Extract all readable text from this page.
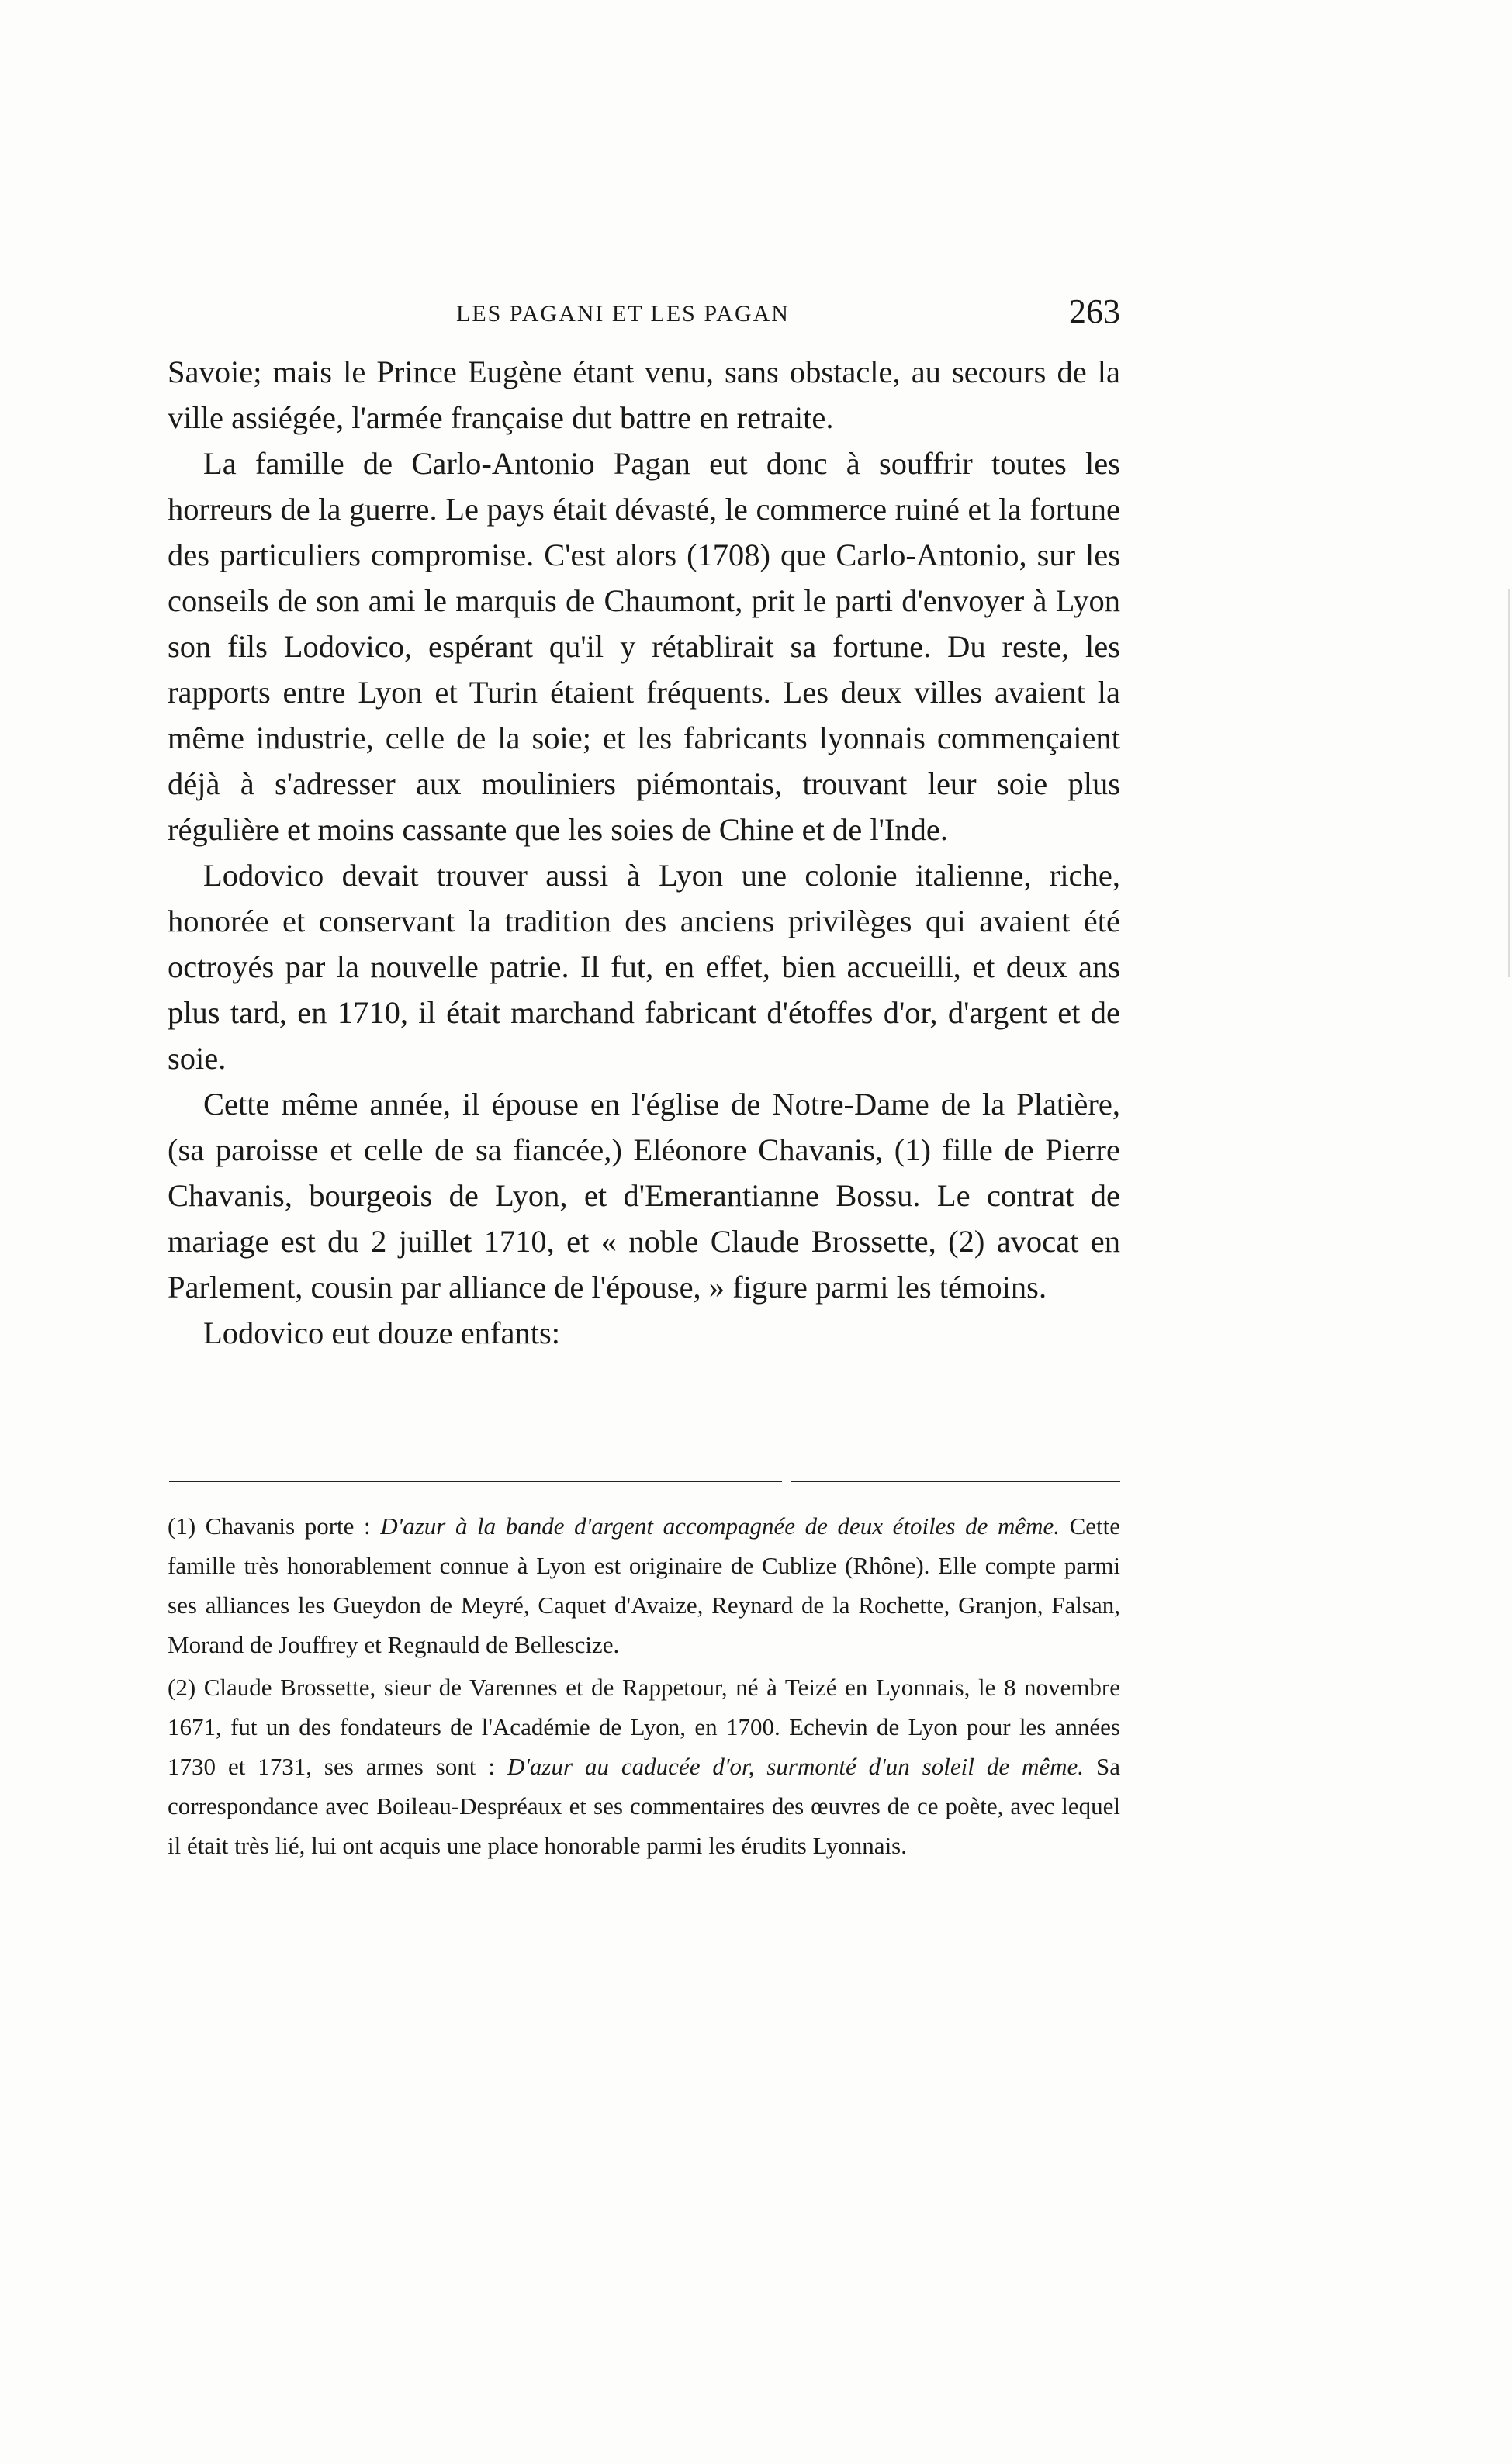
LES PAGANI ET LES PAGAN	263

Savoie; mais le Prince Eugène étant venu, sans obstacle, au secours de la ville assiégée, l'armée française dut battre en retraite.

La famille de Carlo-Antonio Pagan eut donc à souffrir toutes les horreurs de la guerre. Le pays était dévasté, le commerce ruiné et la fortune des particuliers compromise. C'est alors (1708) que Carlo-Antonio, sur les conseils de son ami le marquis de Chaumont, prit le parti d'envoyer à Lyon son fils Lodovico, espérant qu'il y rétablirait sa fortune. Du reste, les rapports entre Lyon et Turin étaient fréquents. Les deux villes avaient la même industrie, celle de la soie; et les fabricants lyonnais commençaient déjà à s'adresser aux mouliniers piémontais, trouvant leur soie plus régulière et moins cassante que les soies de Chine et de l'Inde.

Lodovico devait trouver aussi à Lyon une colonie italienne, riche, honorée et conservant la tradition des anciens privilèges qui avaient été octroyés par la nouvelle patrie. Il fut, en effet, bien accueilli, et deux ans plus tard, en 1710, il était marchand fabricant d'étoffes d'or, d'argent et de soie.

Cette même année, il épouse en l'église de Notre-Dame de la Platière, (sa paroisse et celle de sa fiancée,) Eléonore Chavanis, (1) fille de Pierre Chavanis, bourgeois de Lyon, et d'Emerantianne Bossu. Le contrat de mariage est du 2 juillet 1710, et « noble Claude Brossette, (2) avocat en Parlement, cousin par alliance de l'épouse, » figure parmi les témoins.

Lodovico eut douze enfants:

(1) Chavanis porte : D'azur à la bande d'argent accompagnée de deux étoiles de même. Cette famille très honorablement connue à Lyon est originaire de Cublize (Rhône). Elle compte parmi ses alliances les Gueydon de Meyré, Caquet d'Avaize, Reynard de la Rochette, Granjon, Falsan, Morand de Jouffrey et Regnauld de Bellescize.

(2) Claude Brossette, sieur de Varennes et de Rappetour, né à Teizé en Lyonnais, le 8 novembre 1671, fut un des fondateurs de l'Académie de Lyon, en 1700. Echevin de Lyon pour les années 1730 et 1731, ses armes sont : D'azur au caducée d'or, surmonté d'un soleil de même. Sa correspondance avec Boileau-Despréaux et ses commentaires des œuvres de ce poète, avec lequel il était très lié, lui ont acquis une place honorable parmi les érudits Lyonnais.
